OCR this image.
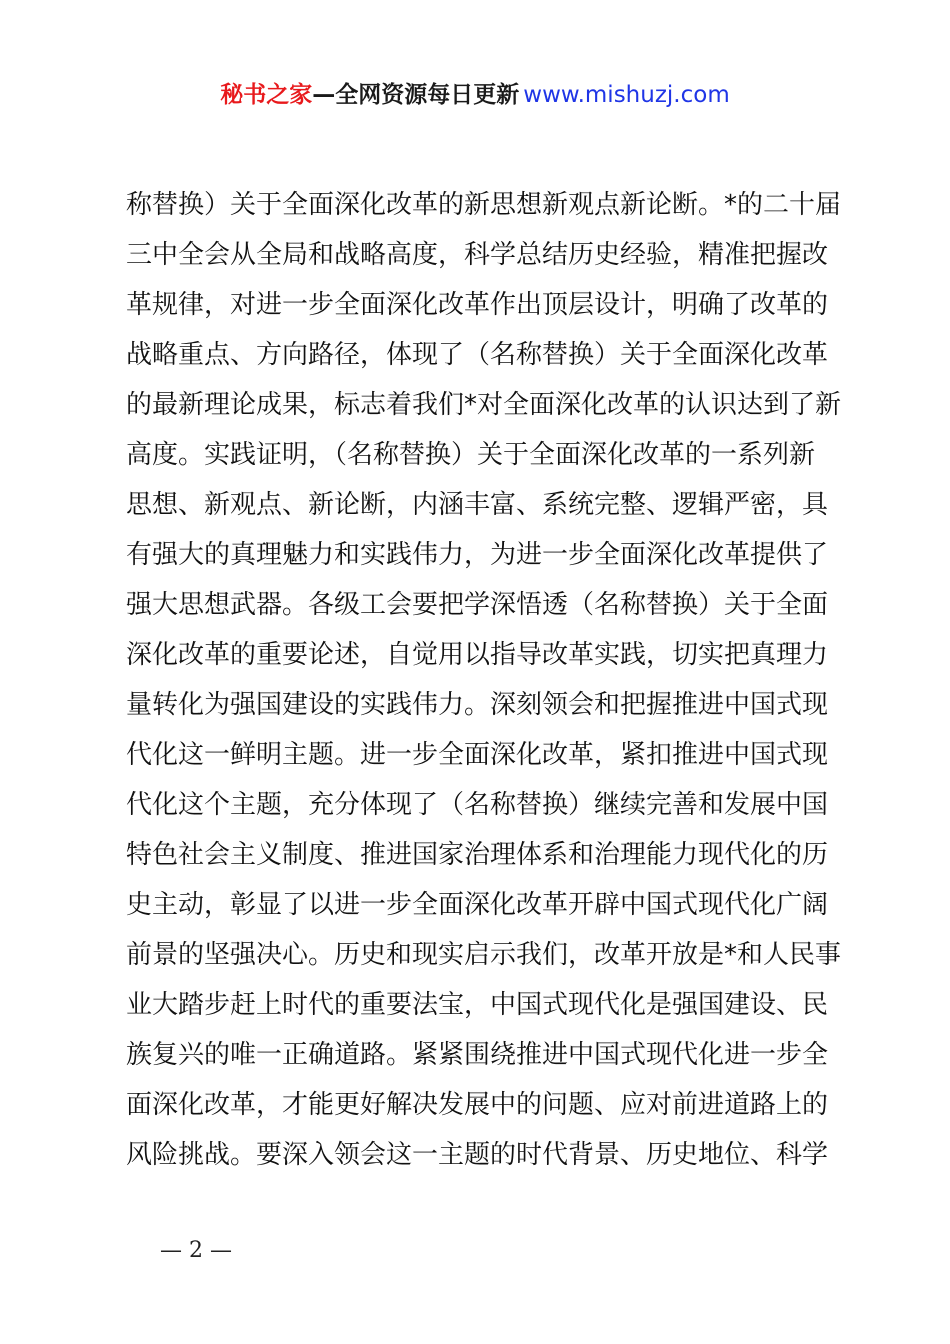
秘书之家—全网资源每日更新 www.mishuzj.com
称替换）关于全面深化改革的新思想新观点新论断。*的二十届
三中全会从全局和战略高度，科学总结历史经验，精准把握改
革规律，对进一步全面深化改革作出顶层设计，明确了改革的
战略重点、方向路径，体现了（名称替换）关于全面深化改革
的最新理论成果，标志着我们*对全面深化改革的认识达到了新
高度。实践证明，（名称替换）关于全面深化改革的一系列新
思想、新观点、新论断，内涵丰富、系统完整、逻辑严密，具
有强大的真理魅力和实践伟力，为进一步全面深化改革提供了
强大思想武器。各级工会要把学深悟透（名称替换）关于全面
深化改革的重要论述，自觉用以指导改革实践，切实把真理力
量转化为强国建设的实践伟力。深刻领会和把握推进中国式现
代化这一鲜明主题。进一步全面深化改革，紧扣推进中国式现
代化这个主题，充分体现了（名称替换）继续完善和发展中国
特色社会主义制度、推进国家治理体系和治理能力现代化的历
史主动，彰显了以进一步全面深化改革开辟中国式现代化广阔
前景的坚强决心。历史和现实启示我们，改革开放是*和人民事
业大踏步赶上时代的重要法宝，中国式现代化是强国建设、民
族复兴的唯一正确道路。紧紧围绕推进中国式现代化进一步全
面深化改革，才能更好解决发展中的问题、应对前进道路上的
风险挑战。要深入领会这一主题的时代背景、历史地位、科学
— 2 —
